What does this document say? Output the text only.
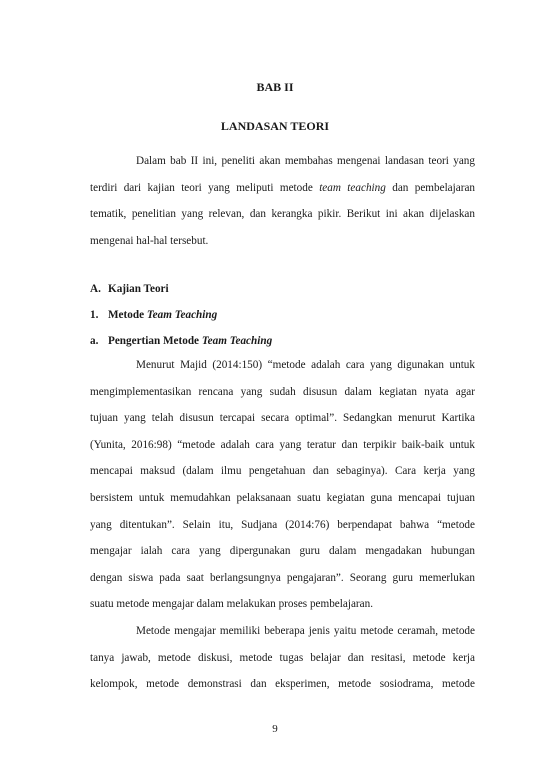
BAB II
LANDASAN TEORI
Dalam bab II ini, peneliti akan membahas mengenai landasan teori yang
terdiri dari kajian teori yang meliputi metode team teaching dan pembelajaran
tematik, penelitian yang relevan, dan kerangka pikir. Berikut ini akan dijelaskan
mengenai hal-hal tersebut.
A. Kajian Teori
1. Metode Team Teaching
a. Pengertian Metode Team Teaching
Menurut Majid (2014:150) “metode adalah cara yang digunakan untuk
mengimplementasikan rencana yang sudah disusun dalam kegiatan nyata agar
tujuan yang telah disusun tercapai secara optimal”. Sedangkan menurut Kartika
(Yunita, 2016:98) “metode adalah cara yang teratur dan terpikir baik-baik untuk
mencapai maksud (dalam ilmu pengetahuan dan sebaginya). Cara kerja yang
bersistem untuk memudahkan pelaksanaan suatu kegiatan guna mencapai tujuan
yang ditentukan”. Selain itu, Sudjana (2014:76) berpendapat bahwa “metode
mengajar ialah cara yang dipergunakan guru dalam mengadakan hubungan
dengan siswa pada saat berlangsungnya pengajaran”. Seorang guru memerlukan
suatu metode mengajar dalam melakukan proses pembelajaran.
Metode mengajar memiliki beberapa jenis yaitu metode ceramah, metode
tanya jawab, metode diskusi, metode tugas belajar dan resitasi, metode kerja
kelompok, metode demonstrasi dan eksperimen, metode sosiodrama, metode
9
